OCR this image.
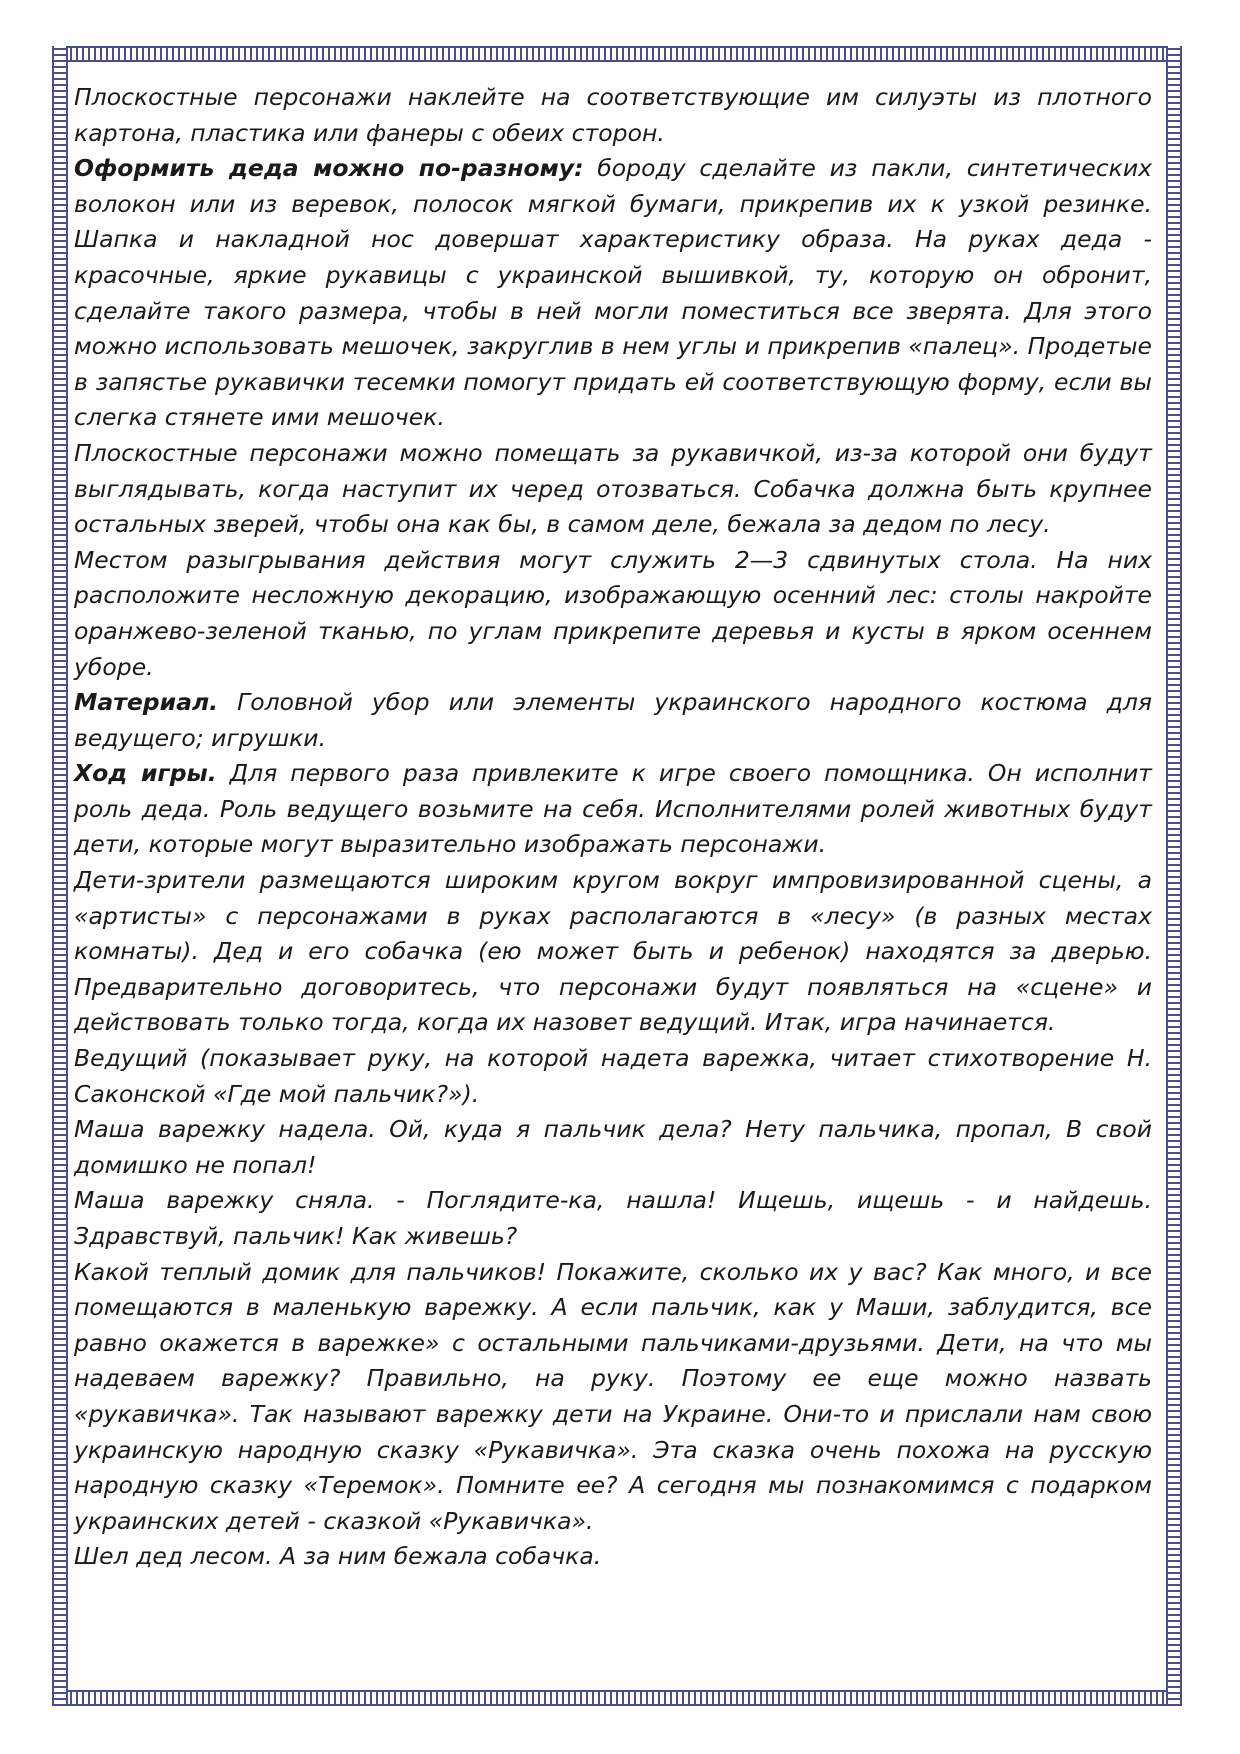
Плоскостные персонажи наклейте на соответствующие им силуэты из плотного картона, пластика или фанеры с обеих сторон.

Оформить деда можно по-разному: бороду сделайте из пакли, синтетических волокон или из веревок, полосок мягкой бумаги, прикрепив их к узкой резинке. Шапка и накладной нос довершат характеристику образа. На руках деда - красочные, яркие рукавицы с украинской вышивкой, ту, которую он обронит, сделайте такого размера, чтобы в ней могли поместиться все зверята. Для этого можно использовать мешочек, закруглив в нем углы и прикрепив «палец». Продетые в запястье рукавички тесемки помогут придать ей соответствующую форму, если вы слегка стянете ими мешочек.

Плоскостные персонажи можно помещать за рукавичкой, из-за которой они будут выглядывать, когда наступит их черед отозваться. Собачка должна быть крупнее остальных зверей, чтобы она как бы, в самом деле, бежала за дедом по лесу.

Местом разыгрывания действия могут служить 2—3 сдвинутых стола. На них расположите несложную декорацию, изображающую осенний лес: столы накройте оранжево-зеленой тканью, по углам прикрепите деревья и кусты в ярком осеннем уборе.

Материал. Головной убор или элементы украинского народного костюма для ведущего; игрушки.

Ход игры. Для первого раза привлеките к игре своего помощника. Он исполнит роль деда. Роль ведущего возьмите на себя. Исполнителями ролей животных будут дети, которые могут выразительно изображать персонажи.

Дети-зрители размещаются широким кругом вокруг импровизированной сцены, а «артисты» с персонажами в руках располагаются в «лесу» (в разных местах комнаты). Дед и его собачка (ею может быть и ребенок) находятся за дверью. Предварительно договоритесь, что персонажи будут появляться на «сцене» и действовать только тогда, когда их назовет ведущий. Итак, игра начинается.

Ведущий (показывает руку, на которой надета варежка, читает стихотворение Н. Саконской «Где мой пальчик?»).

Маша варежку надела. Ой, куда я пальчик дела? Нету пальчика, пропал, В свой домишко не попал!

Маша варежку сняла. - Поглядите-ка, нашла! Ищешь, ищешь - и найдешь. Здравствуй, пальчик! Как живешь?

Какой теплый домик для пальчиков! Покажите, сколько их у вас? Как много, и все помещаются в маленькую варежку. А если пальчик, как у Маши, заблудится, все равно окажется в варежке» с остальными пальчиками-друзьями. Дети, на что мы надеваем варежку? Правильно, на руку. Поэтому ее еще можно назвать «рукавичка». Так называют варежку дети на Украине. Они-то и прислали нам свою украинскую народную сказку «Рукавичка». Эта сказка очень похожа на русскую народную сказку «Теремок». Помните ее? А сегодня мы познакомимся с подарком украинских детей - сказкой «Рукавичка».

Шел дед лесом. А за ним бежала собачка.
